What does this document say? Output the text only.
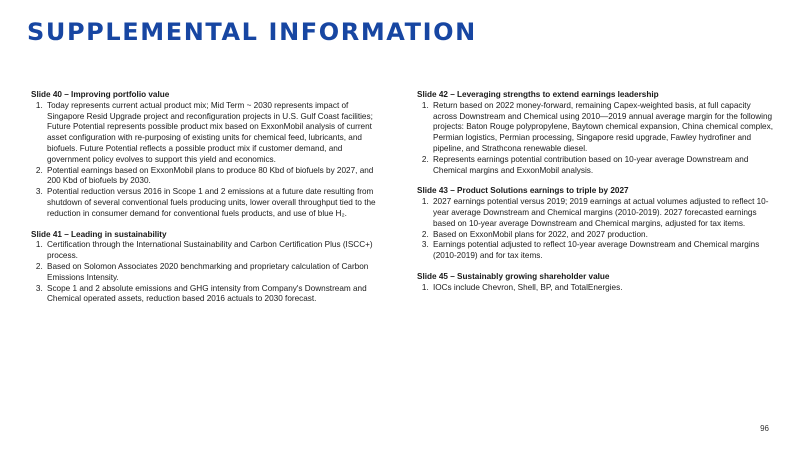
SUPPLEMENTAL INFORMATION

Slide 40 – Improving portfolio value

1. Today represents current actual product mix; Mid Term ~ 2030 represents impact of Singapore Resid Upgrade project and reconfiguration projects in U.S. Gulf Coast facilities; Future Potential represents possible product mix based on ExxonMobil analysis of current asset configuration with re-purposing of existing units for chemical feed, lubricants, and biofuels. Future Potential reflects a possible product mix if customer demand, and government policy evolves to support this yield and economics.
2. Potential earnings based on ExxonMobil plans to produce 80 Kbd of biofuels by 2027, and 200 Kbd of biofuels by 2030.
3. Potential reduction versus 2016 in Scope 1 and 2 emissions at a future date resulting from shutdown of several conventional fuels producing units, lower overall throughput tied to the reduction in consumer demand for conventional fuels products, and use of blue H₂.

Slide 41 – Leading in sustainability

1. Certification through the International Sustainability and Carbon Certification Plus (ISCC+) process.
2. Based on Solomon Associates 2020 benchmarking and proprietary calculation of Carbon Emissions Intensity.
3. Scope 1 and 2 absolute emissions and GHG intensity from Company's Downstream and Chemical operated assets, reduction based 2016 actuals to 2030 forecast.

Slide 42 – Leveraging strengths to extend earnings leadership

1. Return based on 2022 money-forward, remaining Capex-weighted basis, at full capacity across Downstream and Chemical using 2010—2019 annual average margin for the following projects: Baton Rouge polypropylene, Baytown chemical expansion, China chemical complex, Permian logistics, Permian processing, Singapore resid upgrade, Fawley hydrofiner and pipeline, and Strathcona renewable diesel.
2. Represents earnings potential contribution based on 10-year average Downstream and Chemical margins and ExxonMobil analysis.

Slide 43 – Product Solutions earnings to triple by 2027

1. 2027 earnings potential versus 2019; 2019 earnings at actual volumes adjusted to reflect 10-year average Downstream and Chemical margins (2010-2019). 2027 forecasted earnings based on 10-year average Downstream and Chemical margins, adjusted for tax items.
2. Based on ExxonMobil plans for 2022, and 2027 production.
3. Earnings potential adjusted to reflect 10-year average Downstream and Chemical margins (2010-2019) and for tax items.

Slide 45 – Sustainably growing shareholder value

1. IOCs include Chevron, Shell, BP, and TotalEnergies.
96
